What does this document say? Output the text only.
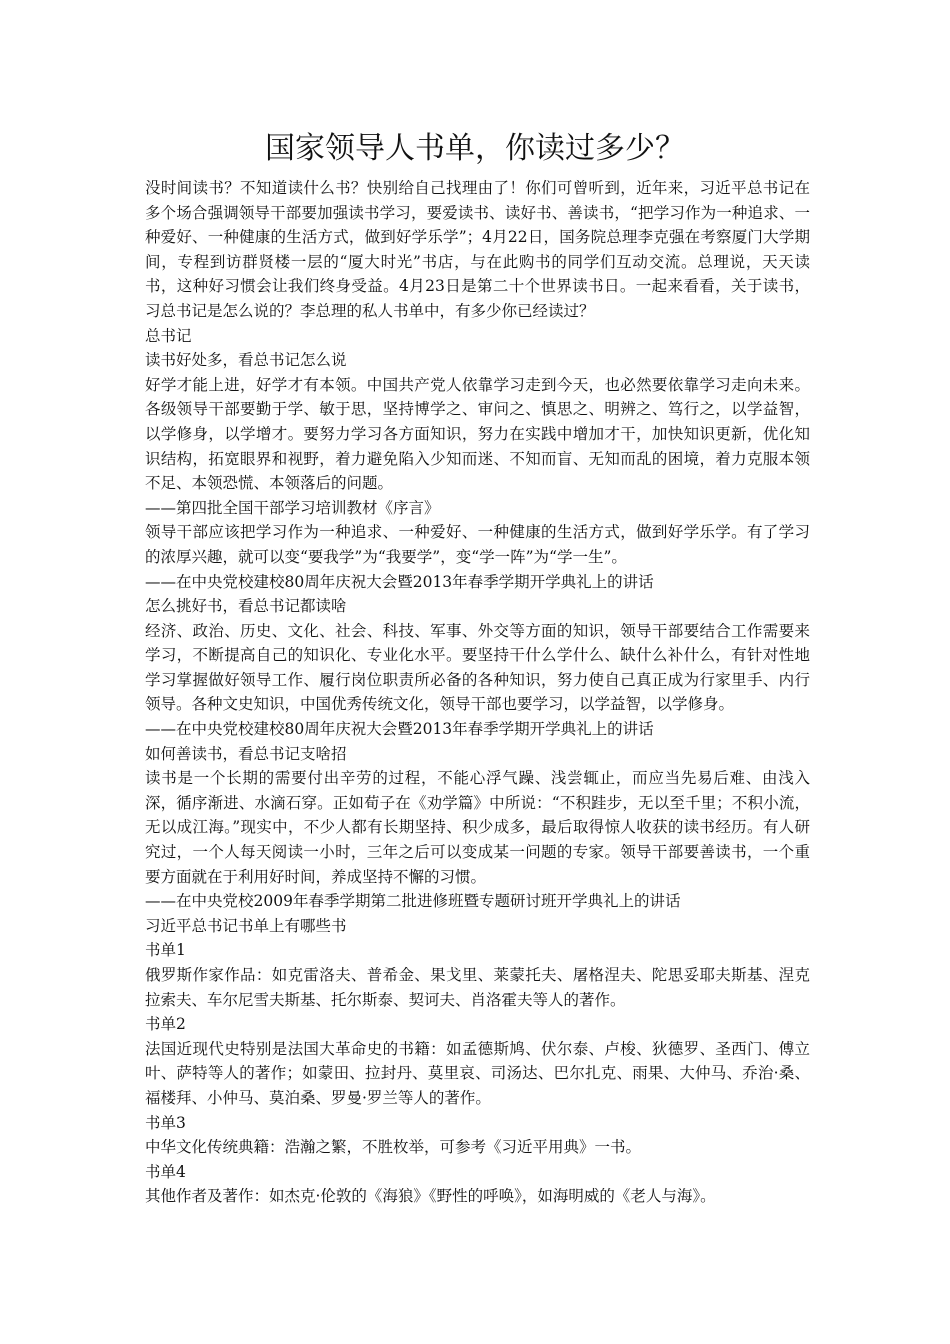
国家领导人书单，你读过多少？

没时间读书？不知道读什么书？快别给自己找理由了！你们可曾听到，近年来，习近平总书记在多个场合强调领导干部要加强读书学习，要爱读书、读好书、善读书，“把学习作为一种追求、一种爱好、一种健康的生活方式，做到好学乐学”；4月22日，国务院总理李克强在考察厦门大学期间，专程到访群贤楼一层的“厦大时光”书店，与在此购书的同学们互动交流。总理说，天天读书，这种好习惯会让我们终身受益。4月23日是第二十个世界读书日。一起来看看，关于读书，习总书记是怎么说的？李总理的私人书单中，有多少你已经读过？

总书记

读书好处多，看总书记怎么说

好学才能上进，好学才有本领。中国共产党人依靠学习走到今天，也必然要依靠学习走向未来。各级领导干部要勤于学、敏于思，坚持博学之、审问之、慎思之、明辨之、笃行之，以学益智，以学修身，以学增才。要努力学习各方面知识，努力在实践中增加才干，加快知识更新，优化知识结构，拓宽眼界和视野，着力避免陷入少知而迷、不知而盲、无知而乱的困境，着力克服本领不足、本领恐慌、本领落后的问题。

——第四批全国干部学习培训教材《序言》

领导干部应该把学习作为一种追求、一种爱好、一种健康的生活方式，做到好学乐学。有了学习的浓厚兴趣，就可以变“要我学”为“我要学”，变“学一阵”为“学一生”。

——在中央党校建校80周年庆祝大会暨2013年春季学期开学典礼上的讲话

怎么挑好书，看总书记都读啥

经济、政治、历史、文化、社会、科技、军事、外交等方面的知识，领导干部要结合工作需要来学习，不断提高自己的知识化、专业化水平。要坚持干什么学什么、缺什么补什么，有针对性地学习掌握做好领导工作、履行岗位职责所必备的各种知识，努力使自己真正成为行家里手、内行领导。各种文史知识，中国优秀传统文化，领导干部也要学习，以学益智，以学修身。

——在中央党校建校80周年庆祝大会暨2013年春季学期开学典礼上的讲话

如何善读书，看总书记支啥招

读书是一个长期的需要付出辛劳的过程，不能心浮气躁、浅尝辄止，而应当先易后难、由浅入深，循序渐进、水滴石穿。正如荀子在《劝学篇》中所说：“不积跬步，无以至千里；不积小流，无以成江海。”现实中，不少人都有长期坚持、积少成多，最后取得惊人收获的读书经历。有人研究过，一个人每天阅读一小时，三年之后可以变成某一问题的专家。领导干部要善读书，一个重要方面就在于利用好时间，养成坚持不懈的习惯。

——在中央党校2009年春季学期第二批进修班暨专题研讨班开学典礼上的讲话

习近平总书记书单上有哪些书

书单1

俄罗斯作家作品：如克雷洛夫、普希金、果戈里、莱蒙托夫、屠格涅夫、陀思妥耶夫斯基、涅克拉索夫、车尔尼雪夫斯基、托尔斯泰、契诃夫、肖洛霍夫等人的著作。

书单2

法国近现代史特别是法国大革命史的书籍：如孟德斯鸠、伏尔泰、卢梭、狄德罗、圣西门、傅立叶、萨特等人的著作；如蒙田、拉封丹、莫里哀、司汤达、巴尔扎克、雨果、大仲马、乔治·桑、福楼拜、小仲马、莫泊桑、罗曼·罗兰等人的著作。

书单3

中华文化传统典籍：浩瀚之繁，不胜枚举，可参考《习近平用典》一书。

书单4

其他作者及著作：如杰克·伦敦的《海狼》《野性的呼唤》，如海明威的《老人与海》。
